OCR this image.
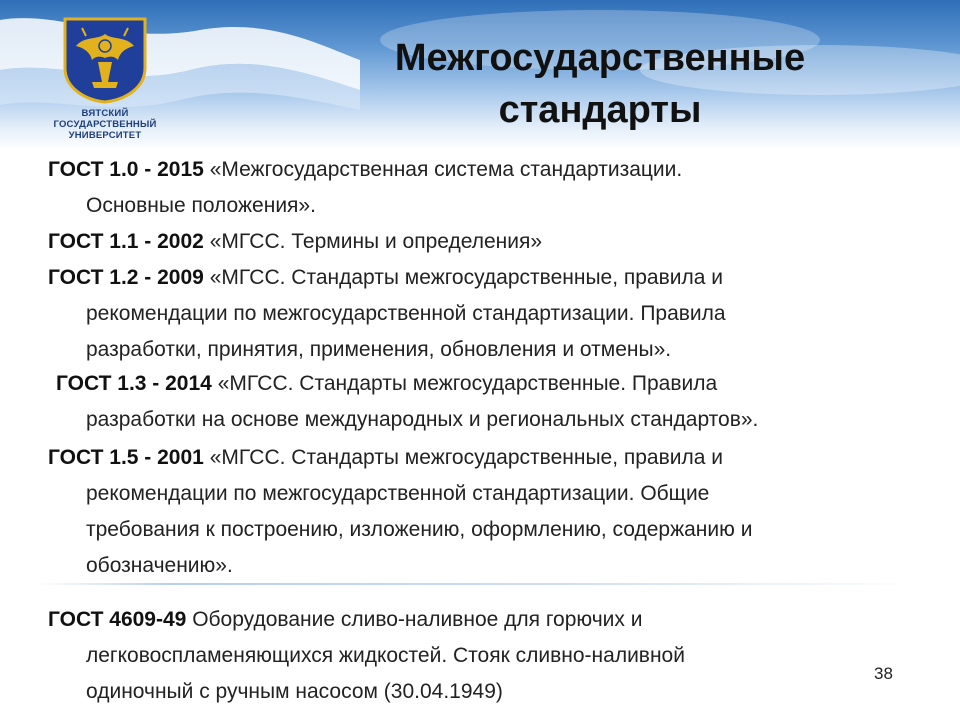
ВЯТСКИЙ
ГОСУДАРСТВЕННЫЙ
УНИВЕРСИТЕТ
Межгосударственные
стандарты
ГОСТ 1.0 - 2015 «Межгосударственная система стандартизации.
Основные положения».
ГОСТ 1.1 - 2002 «МГСС. Термины и определения»
ГОСТ 1.2 - 2009 «МГСС. Стандарты межгосударственные, правила и
рекомендации по межгосударственной стандартизации. Правила
разработки, принятия, применения, обновления и отмены».
ГОСТ 1.3 - 2014 «МГСС. Стандарты межгосударственные. Правила
разработки на основе международных и региональных стандартов».
ГОСТ 1.5 - 2001 «МГСС. Стандарты межгосударственные, правила и
рекомендации по межгосударственной стандартизации. Общие
требования к построению, изложению, оформлению, содержанию и
обозначению».
ГОСТ 4609-49 Оборудование сливо-наливное для горючих и
легковоспламеняющихся жидкостей. Стояк сливно-наливной
одиночный с ручным насосом (30.04.1949)
38
